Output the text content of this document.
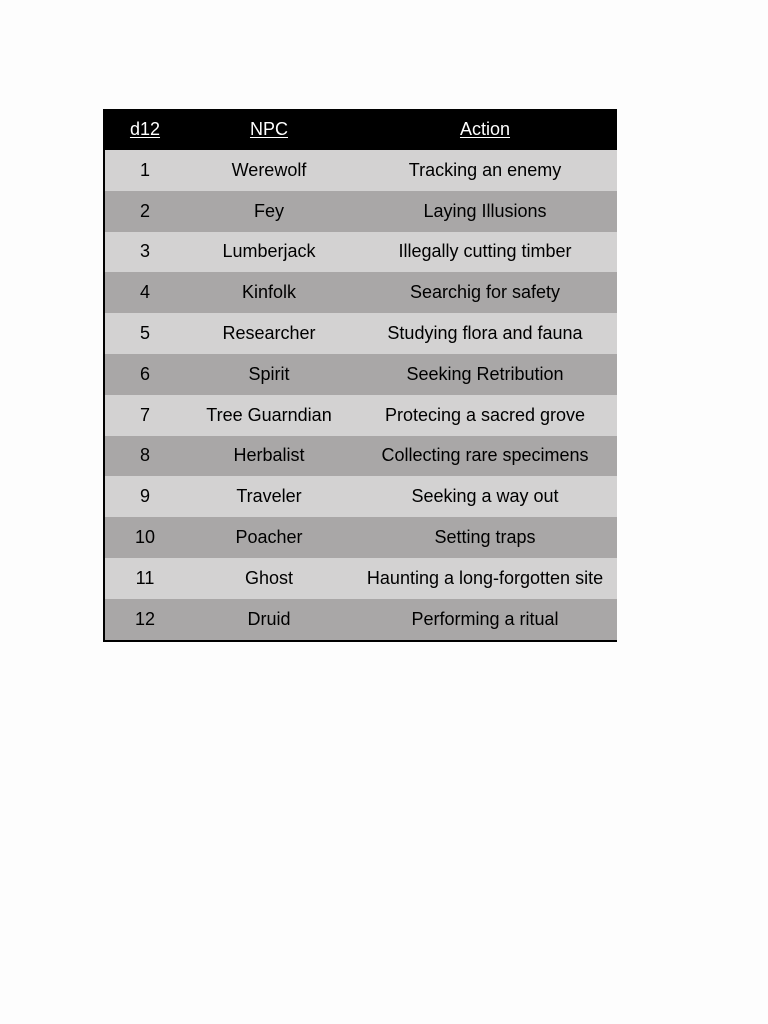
d12	NPC	Action
1	Werewolf	Tracking an enemy
2	Fey	Laying Illusions
3	Lumberjack	Illegally cutting timber
4	Kinfolk	Searchig for safety
5	Researcher	Studying flora and fauna
6	Spirit	Seeking Retribution
7	Tree Guarndian	Protecing a sacred grove
8	Herbalist	Collecting rare specimens
9	Traveler	Seeking a way out
10	Poacher	Setting traps
11	Ghost	Haunting a long-forgotten site
12	Druid	Performing a ritual
